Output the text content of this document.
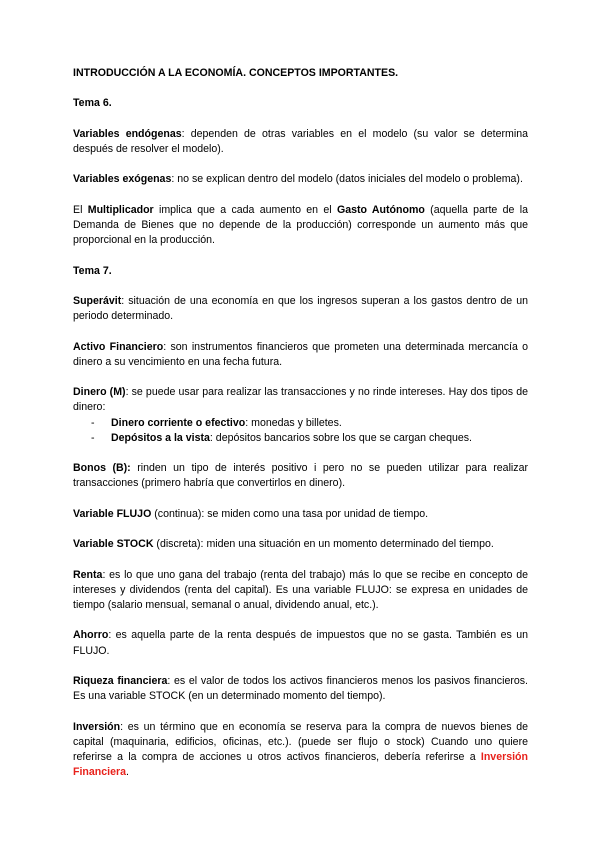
INTRODUCCIÓN A LA ECONOMÍA. CONCEPTOS IMPORTANTES.

Tema 6.

Variables endógenas: dependen de otras variables en el modelo (su valor se determina después de resolver el modelo).

Variables exógenas: no se explican dentro del modelo (datos iniciales del modelo o problema).

El Multiplicador implica que a cada aumento en el Gasto Autónomo (aquella parte de la Demanda de Bienes que no depende de la producción) corresponde un aumento más que proporcional en la producción.

Tema 7.

Superávit: situación de una economía en que los ingresos superan a los gastos dentro de un periodo determinado.

Activo Financiero: son instrumentos financieros que prometen una determinada mercancía o dinero a su vencimiento en una fecha futura.

Dinero (M): se puede usar para realizar las transacciones y no rinde intereses. Hay dos tipos de dinero:

- Dinero corriente o efectivo: monedas y billetes.
- Depósitos a la vista: depósitos bancarios sobre los que se cargan cheques.

Bonos (B): rinden un tipo de interés positivo i pero no se pueden utilizar para realizar transacciones (primero habría que convertirlos en dinero).

Variable FLUJO (continua): se miden como una tasa por unidad de tiempo.

Variable STOCK (discreta): miden una situación en un momento determinado del tiempo.

Renta: es lo que uno gana del trabajo (renta del trabajo) más lo que se recibe en concepto de intereses y dividendos (renta del capital). Es una variable FLUJO: se expresa en unidades de tiempo (salario mensual, semanal o anual, dividendo anual, etc.).

Ahorro: es aquella parte de la renta después de impuestos que no se gasta. También es un FLUJO.

Riqueza financiera: es el valor de todos los activos financieros menos los pasivos financieros. Es una variable STOCK (en un determinado momento del tiempo).

Inversión: es un término que en economía se reserva para la compra de nuevos bienes de capital (maquinaria, edificios, oficinas, etc.). (puede ser flujo o stock) Cuando uno quiere referirse a la compra de acciones u otros activos financieros, debería referirse a Inversión Financiera.
